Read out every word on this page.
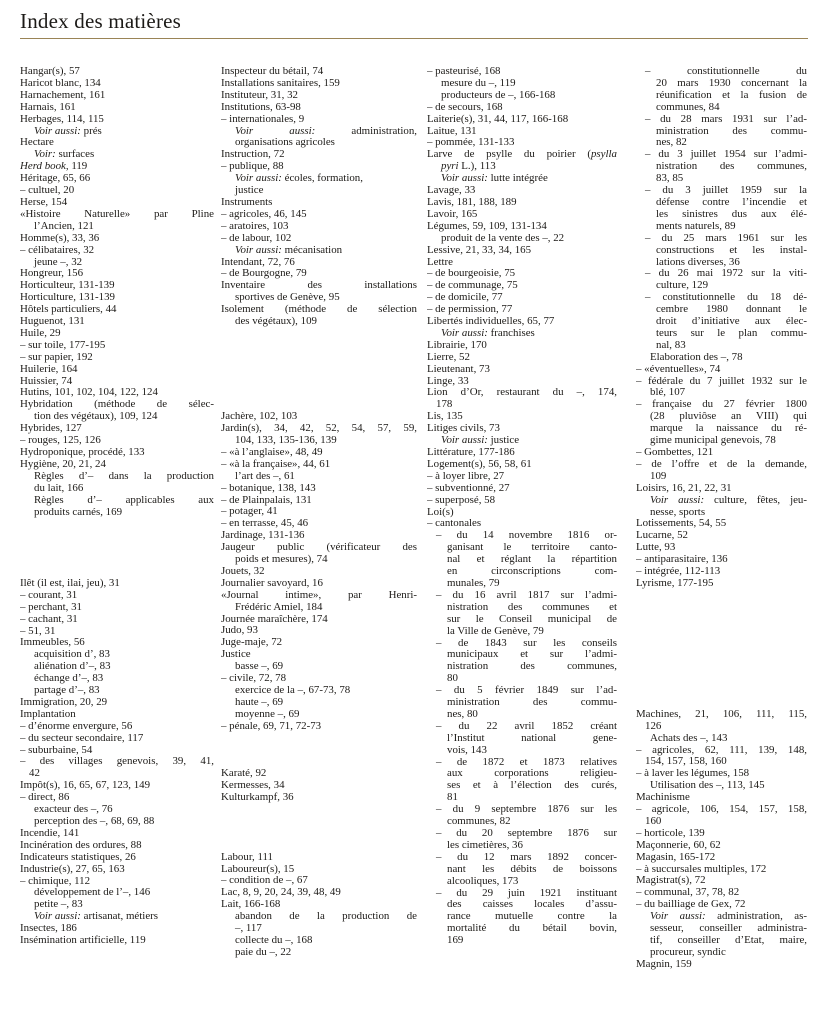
Index des matières
Hangar(s), 57
Haricot blanc, 134
Harnachement, 161
Harnais, 161
Herbages, 114, 115
Voir aussi: prés
Hectare
Voir: surfaces
Herd book, 119
Héritage, 65, 66
– cultuel, 20
Herse, 154
«Histoire Naturelle» par Pline
l’Ancien, 121
Homme(s), 33, 36
– célibataires, 32
jeune –, 32
Hongreur, 156
Horticulteur, 131-139
Horticulture, 131-139
Hôtels particuliers, 44
Huguenot, 131
Huile, 29
– sur toile, 177-195
– sur papier, 192
Huilerie, 164
Huissier, 74
Hutins, 101, 102, 104, 122, 124
Hybridation (méthode de sélec-
tion des végétaux), 109, 124
Hybrides, 127
– rouges, 125, 126
Hydroponique, procédé, 133
Hygiène, 20, 21, 24
Règles d’– dans la production
du lait, 166
Règles d’– applicables aux
produits carnés, 169
Ilêt (il est, ilai, jeu), 31
– courant, 31
– perchant, 31
– cachant, 31
– 51, 31
Immeubles, 56
acquisition d’, 83
aliénation d’–, 83
échange d’–, 83
partage d’–, 83
Immigration, 20, 29
Implantation
– d’énorme envergure, 56
– du secteur secondaire, 117
– suburbaine, 54
– des villages genevois, 39, 41,
42
Impôt(s), 16, 65, 67, 123, 149
– direct, 86
exacteur des –, 76
perception des –, 68, 69, 88
Incendie, 141
Incinération des ordures, 88
Indicateurs statistiques, 26
Industrie(s), 27, 65, 163
– chimique, 112
développement de l’–, 146
petite –, 83
Voir aussi: artisanat, métiers
Insectes, 186
Insémination artificielle, 119
Inspecteur du bétail, 74
Installations sanitaires, 159
Instituteur, 31, 32
Institutions, 63-98
– internationales, 9
Voir aussi: administration,
organisations agricoles
Instruction, 72
– publique, 88
Voir aussi: écoles, formation,
justice
Instruments
– agricoles, 46, 145
– aratoires, 103
– de labour, 102
Voir aussi: mécanisation
Intendant, 72, 76
– de Bourgogne, 79
Inventaire des installations
sportives de Genève, 95
Isolement (méthode de sélection
des végétaux), 109
Jachère, 102, 103
Jardin(s), 34, 42, 52, 54, 57, 59,
104, 133, 135-136, 139
– «à l’anglaise», 48, 49
– «à la française», 44, 61
l’art des –, 61
– botanique, 138, 143
– de Plainpalais, 131
– potager, 41
– en terrasse, 45, 46
Jardinage, 131-136
Jaugeur public (vérificateur des
poids et mesures), 74
Jouets, 32
Journalier savoyard, 16
«Journal intime», par Henri-
Frédéric Amiel, 184
Journée maraîchère, 174
Judo, 93
Juge-maje, 72
Justice
basse –, 69
– civile, 72, 78
exercice de la –, 67-73, 78
haute –, 69
moyenne –, 69
– pénale, 69, 71, 72-73
Karaté, 92
Kermesses, 34
Kulturkampf, 36
Labour, 111
Laboureur(s), 15
– condition de –, 67
Lac, 8, 9, 20, 24, 39, 48, 49
Lait, 166-168
abandon de la production de
–, 117
collecte du –, 168
paie du –, 22
– pasteurisé, 168
mesure du –, 119
producteurs de –, 166-168
– de secours, 168
Laiterie(s), 31, 44, 117, 166-168
Laitue, 131
– pommée, 131-133
Larve de psylle du poirier (psylla
pyri L.), 113
Voir aussi: lutte intégrée
Lavage, 33
Lavis, 181, 188, 189
Lavoir, 165
Légumes, 59, 109, 131-134
produit de la vente des –, 22
Lessive, 21, 33, 34, 165
Lettre
– de bourgeoisie, 75
– de communage, 75
– de domicile, 77
– de permission, 77
Libertés individuelles, 65, 77
Voir aussi: franchises
Librairie, 170
Lierre, 52
Lieutenant, 73
Linge, 33
Lion d’Or, restaurant du –, 174,
178
Lis, 135
Litiges civils, 73
Voir aussi: justice
Littérature, 177-186
Logement(s), 56, 58, 61
– à loyer libre, 27
– subventionné, 27
– superposé, 58
Loi(s)
– cantonales
– du 14 novembre 1816 or-
ganisant le territoire canto-
nal et réglant la répartition
en circonscriptions com-
munales, 79
– du 16 avril 1817 sur l’admi-
nistration des communes et
sur le Conseil municipal de
la Ville de Genève, 79
– de 1843 sur les conseils
municipaux et sur l’admi-
nistration des communes,
80
– du 5 février 1849 sur l’ad-
ministration des commu-
nes, 80
– du 22 avril 1852 créant
l’Institut national gene-
vois, 143
– de 1872 et 1873 relatives
aux corporations religieu-
ses et à l’élection des curés,
81
– du 9 septembre 1876 sur les
communes, 82
– du 20 septembre 1876 sur
les cimetières, 36
– du 12 mars 1892 concer-
nant les débits de boissons
alcooliques, 173
– du 29 juin 1921 instituant
des caisses locales d’assu-
rance mutuelle contre la
mortalité du bétail bovin,
169
– constitutionnelle du
20 mars 1930 concernant la
réunification et la fusion de
communes, 84
– du 28 mars 1931 sur l’ad-
ministration des commu-
nes, 82
– du 3 juillet 1954 sur l’admi-
nistration des communes,
83, 85
– du 3 juillet 1959 sur la
défense contre l’incendie et
les sinistres dus aux élé-
ments naturels, 89
– du 25 mars 1961 sur les
constructions et les instal-
lations diverses, 36
– du 26 mai 1972 sur la viti-
culture, 129
– constitutionnelle du 18 dé-
cembre 1980 donnant le
droit d’initiative aux élec-
teurs sur le plan commu-
nal, 83
Elaboration des –, 78
– «éventuelles», 74
– fédérale du 7 juillet 1932 sur le
blé, 107
– française du 27 février 1800
(28 pluviôse an VIII) qui
marque la naissance du ré-
gime municipal genevois, 78
– Gombettes, 121
– de l’offre et de la demande,
109
Loisirs, 16, 21, 22, 31
Voir aussi: culture, fêtes, jeu-
nesse, sports
Lotissements, 54, 55
Lucarne, 52
Lutte, 93
– antiparasitaire, 136
– intégrée, 112-113
Lyrisme, 177-195
Machines, 21, 106, 111, 115,
126
Achats des –, 143
– agricoles, 62, 111, 139, 148,
154, 157, 158, 160
– à laver les légumes, 158
Utilisation des –, 113, 145
Machinisme
– agricole, 106, 154, 157, 158,
160
– horticole, 139
Maçonnerie, 60, 62
Magasin, 165-172
– à succursales multiples, 172
Magistrat(s), 72
– communal, 37, 78, 82
– du bailliage de Gex, 72
Voir aussi: administration, as-
sesseur, conseiller administra-
tif, conseiller d’Etat, maire,
procureur, syndic
Magnin, 159
